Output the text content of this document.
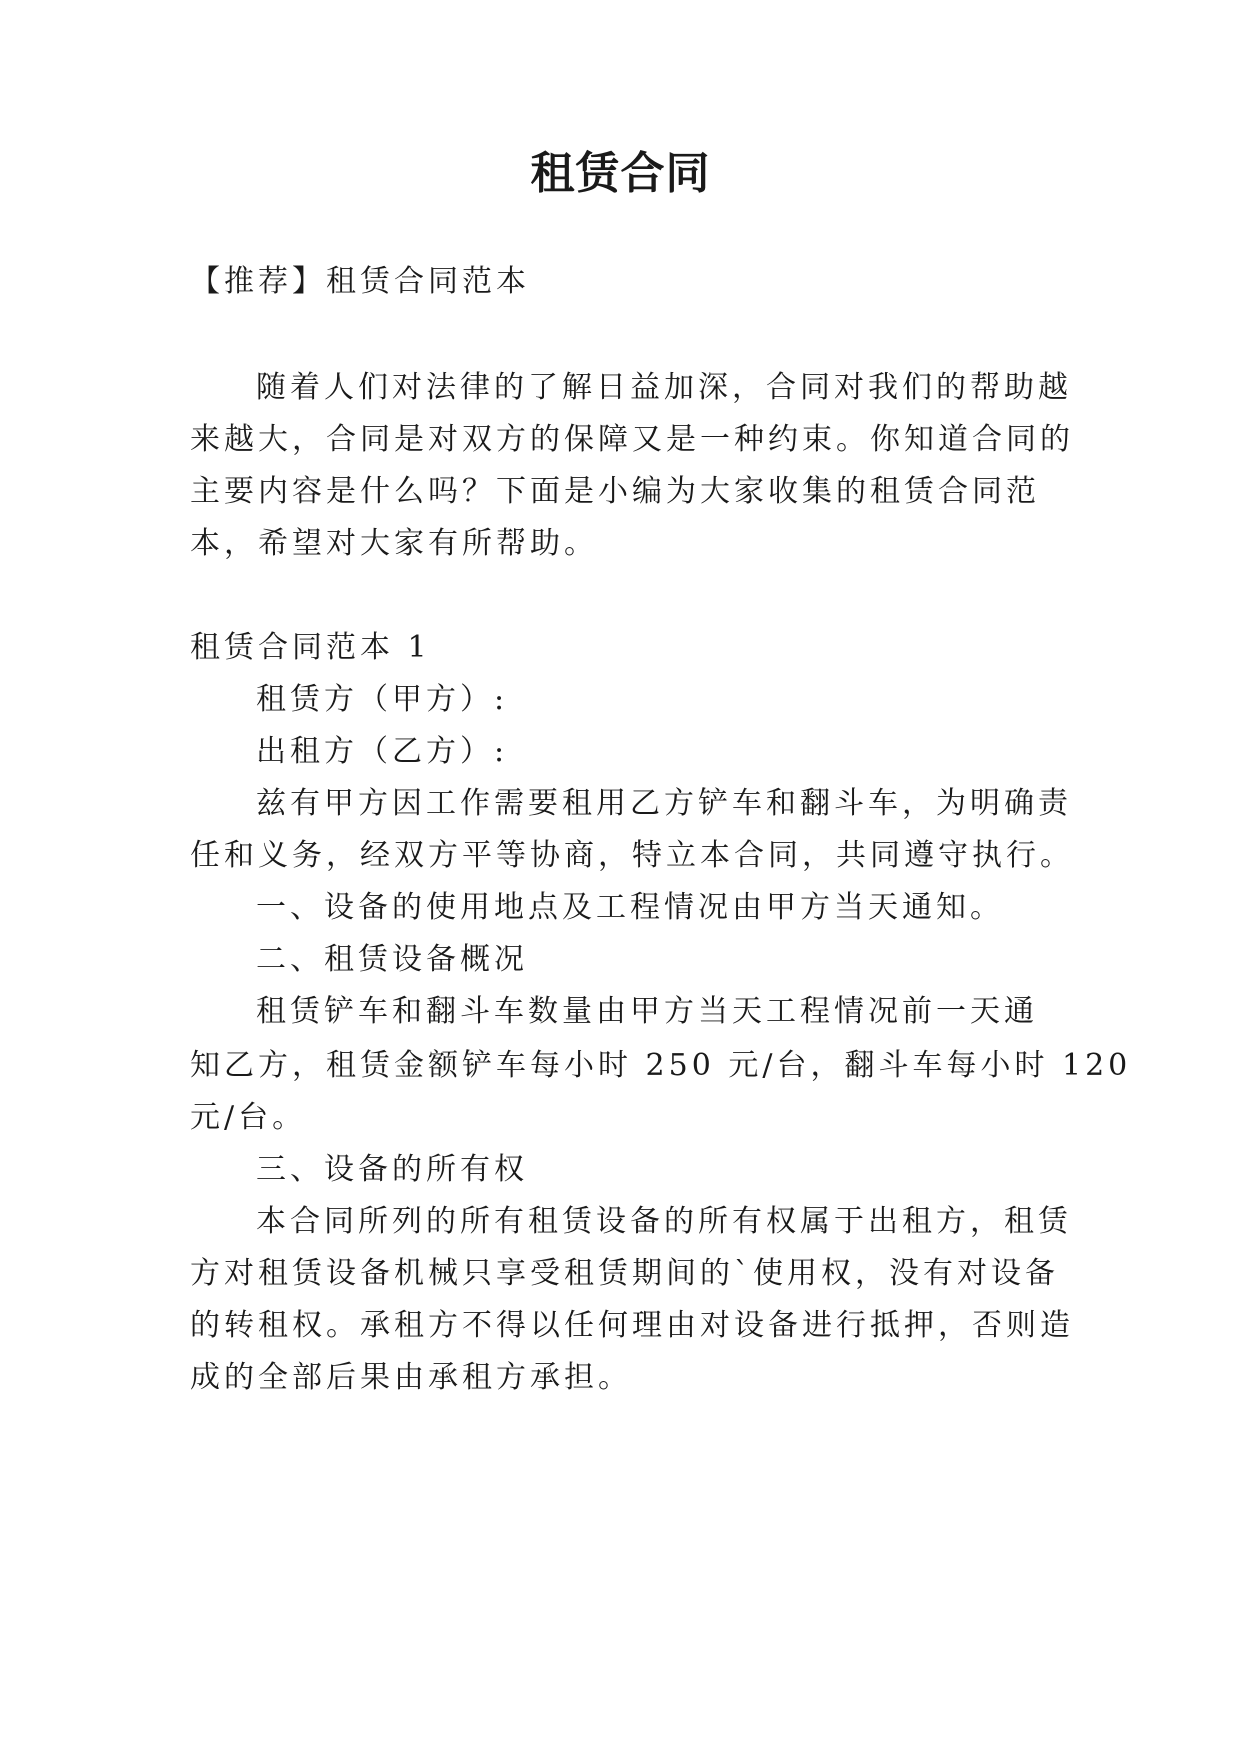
租赁合同
【推荐】租赁合同范本
随着人们对法律的了解日益加深，合同对我们的帮助越
来越大，合同是对双方的保障又是一种约束。你知道合同的
主要内容是什么吗？下面是小编为大家收集的租赁合同范
本，希望对大家有所帮助。
租赁合同范本 1
租赁方（甲方）:
出租方（乙方）:
兹有甲方因工作需要租用乙方铲车和翻斗车，为明确责
任和义务，经双方平等协商，特立本合同，共同遵守执行。
一、设备的使用地点及工程情况由甲方当天通知。
二、租赁设备概况
租赁铲车和翻斗车数量由甲方当天工程情况前一天通
知乙方，租赁金额铲车每小时 250 元/台，翻斗车每小时 120
元/台。
三、设备的所有权
本合同所列的所有租赁设备的所有权属于出租方，租赁
方对租赁设备机械只享受租赁期间的`使用权，没有对设备
的转租权。承租方不得以任何理由对设备进行抵押，否则造
成的全部后果由承租方承担。
